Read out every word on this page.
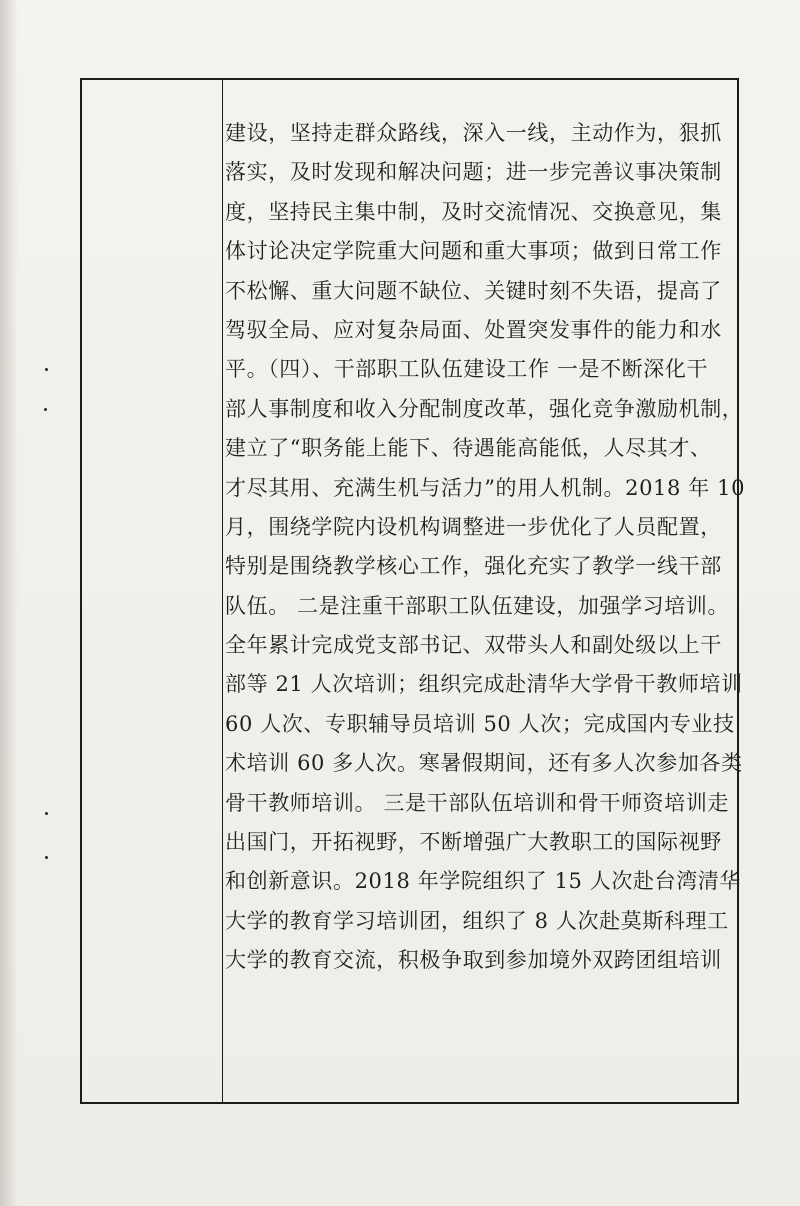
建设，坚持走群众路线，深入一线，主动作为，狠抓
落实，及时发现和解决问题；进一步完善议事决策制
度，坚持民主集中制，及时交流情况、交换意见，集
体讨论决定学院重大问题和重大事项；做到日常工作
不松懈、重大问题不缺位、关键时刻不失语，提高了
驾驭全局、应对复杂局面、处置突发事件的能力和水
平。（四）、干部职工队伍建设工作 一是不断深化干
部人事制度和收入分配制度改革，强化竞争激励机制，
建立了“职务能上能下、待遇能高能低，人尽其才、
才尽其用、充满生机与活力”的用人机制。2018 年 10
月，围绕学院内设机构调整进一步优化了人员配置，
特别是围绕教学核心工作，强化充实了教学一线干部
队伍。 二是注重干部职工队伍建设，加强学习培训。
全年累计完成党支部书记、双带头人和副处级以上干
部等 21 人次培训；组织完成赴清华大学骨干教师培训
60 人次、专职辅导员培训 50 人次；完成国内专业技
术培训 60 多人次。寒暑假期间，还有多人次参加各类
骨干教师培训。 三是干部队伍培训和骨干师资培训走
出国门，开拓视野，不断增强广大教职工的国际视野
和创新意识。2018 年学院组织了 15 人次赴台湾清华
大学的教育学习培训团，组织了 8 人次赴莫斯科理工
大学的教育交流，积极争取到参加境外双跨团组培训
